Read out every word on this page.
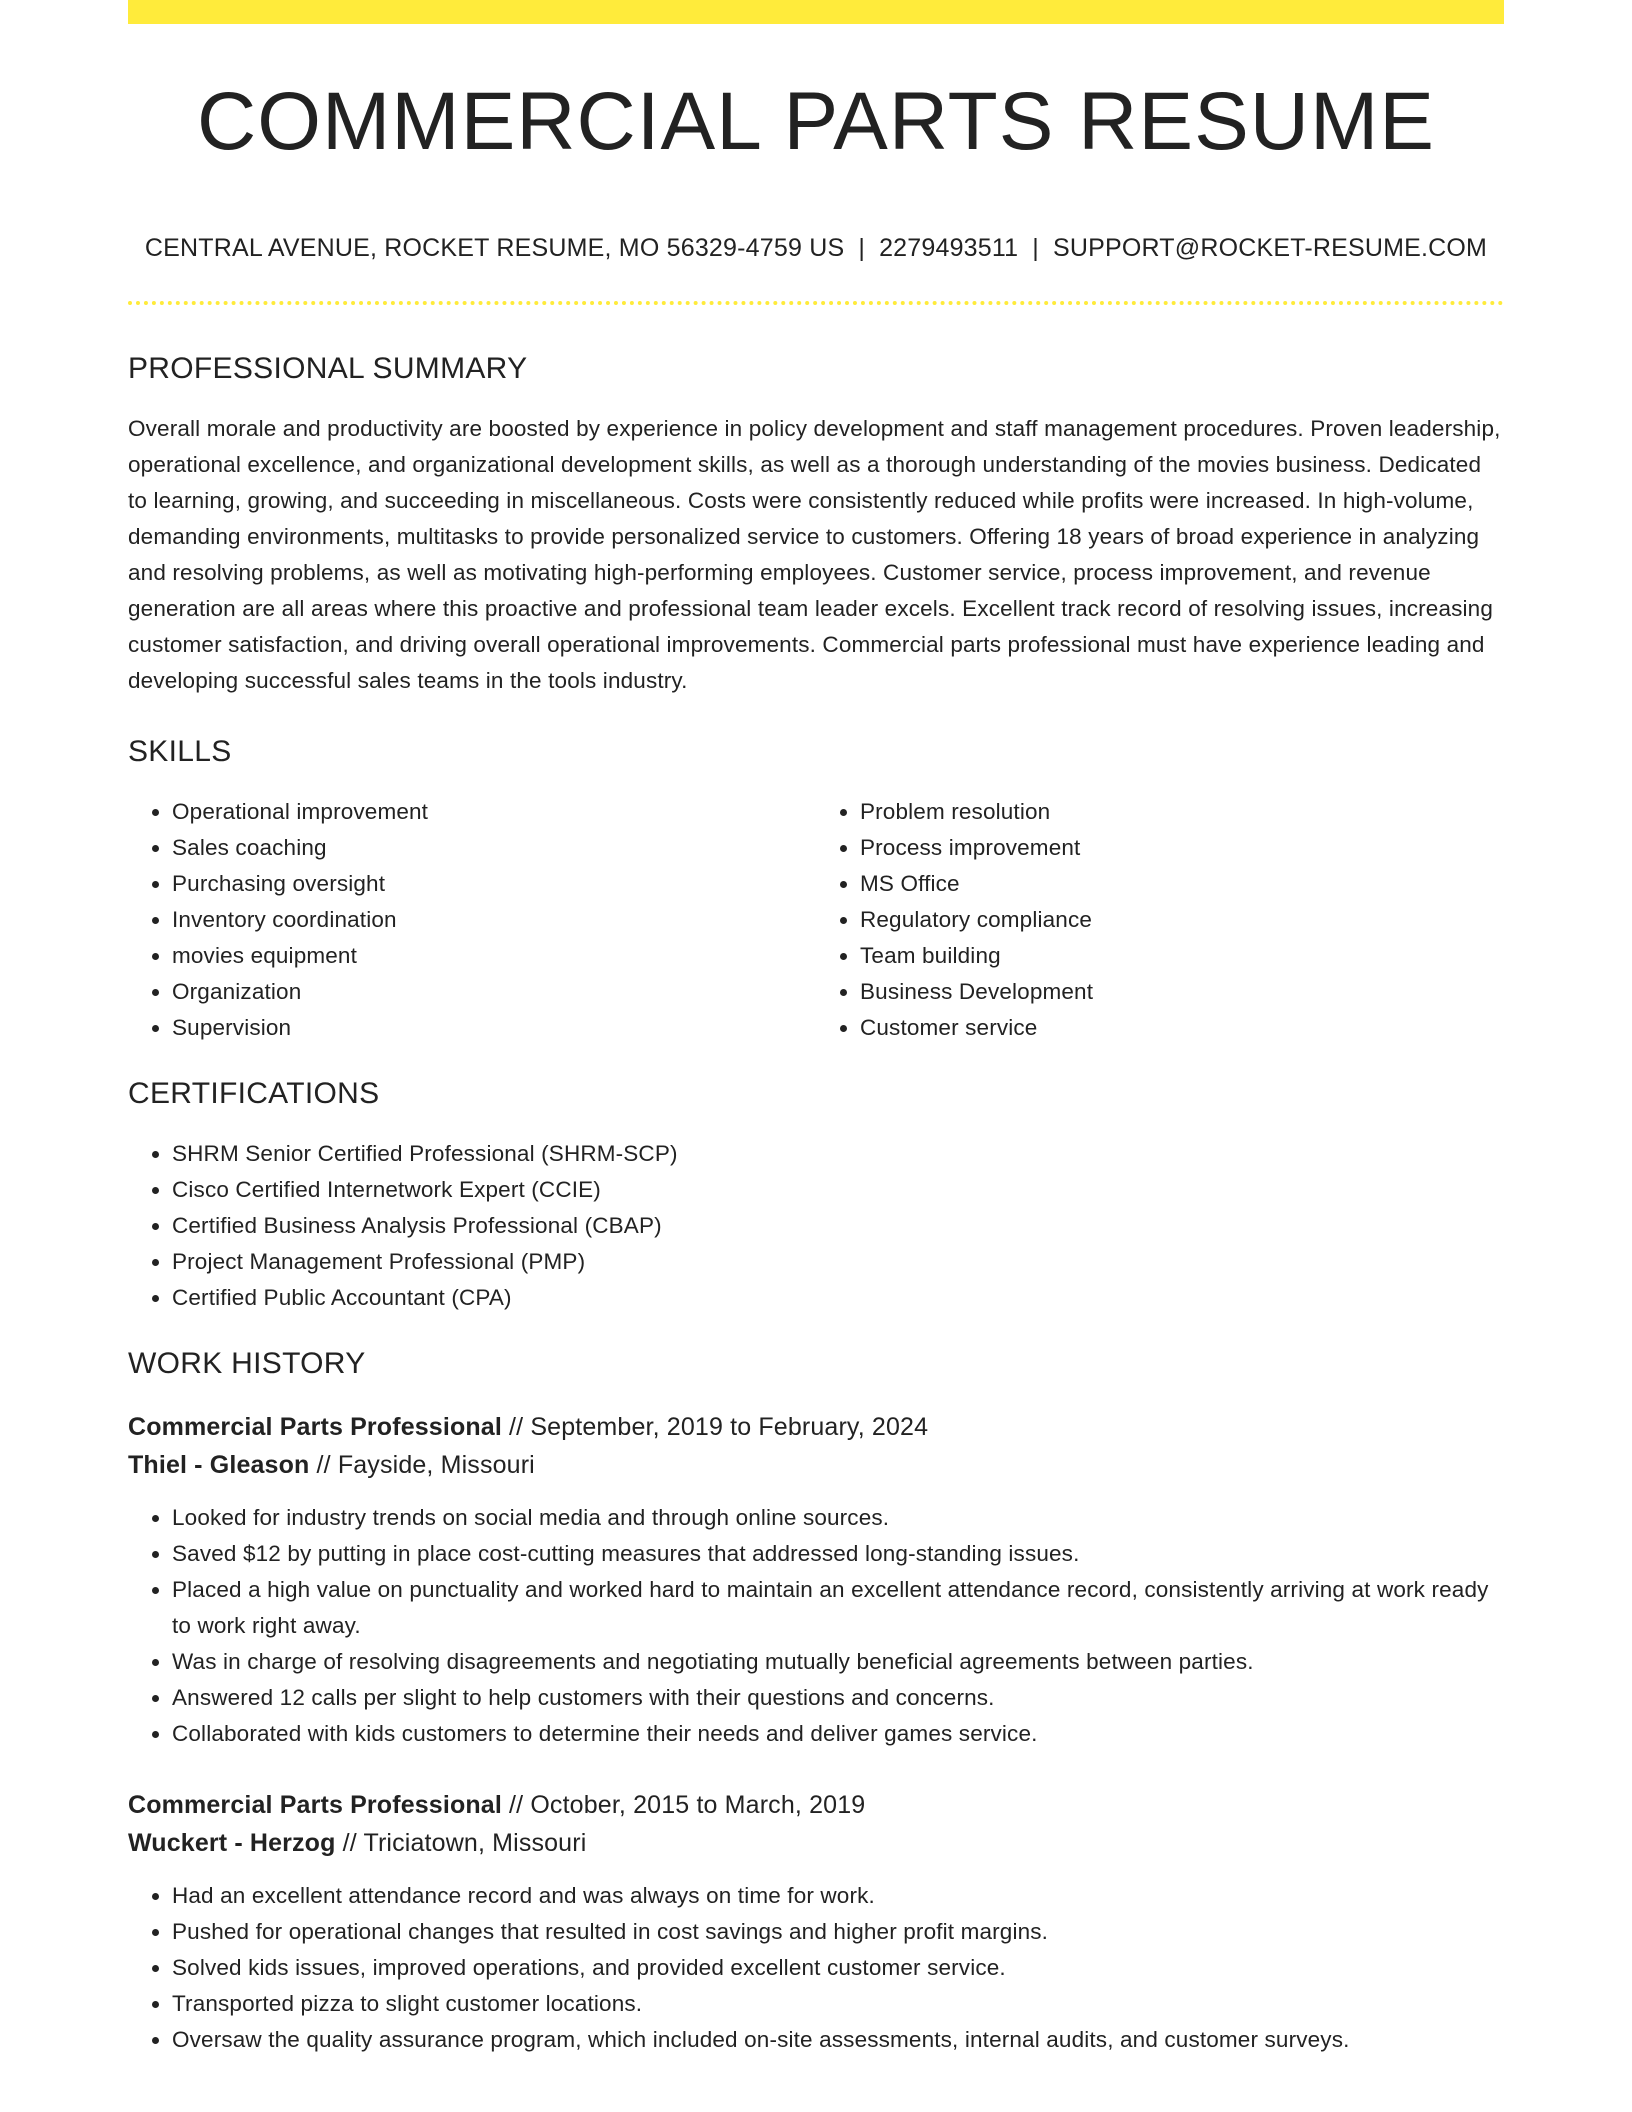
COMMERCIAL PARTS RESUME
CENTRAL AVENUE, ROCKET RESUME, MO 56329-4759 US | 2279493511 | SUPPORT@ROCKET-RESUME.COM
PROFESSIONAL SUMMARY

Overall morale and productivity are boosted by experience in policy development and staff management procedures. Proven leadership, operational excellence, and organizational development skills, as well as a thorough understanding of the movies business. Dedicated to learning, growing, and succeeding in miscellaneous. Costs were consistently reduced while profits were increased. In high-volume, demanding environments, multitasks to provide personalized service to customers. Offering 18 years of broad experience in analyzing and resolving problems, as well as motivating high-performing employees. Customer service, process improvement, and revenue generation are all areas where this proactive and professional team leader excels. Excellent track record of resolving issues, increasing customer satisfaction, and driving overall operational improvements. Commercial parts professional must have experience leading and developing successful sales teams in the tools industry.

SKILLS
• Operational improvement
• Sales coaching
• Purchasing oversight
• Inventory coordination
• movies equipment
• Organization
• Supervision
• Problem resolution
• Process improvement
• MS Office
• Regulatory compliance
• Team building
• Business Development
• Customer service
CERTIFICATIONS
• SHRM Senior Certified Professional (SHRM-SCP)
• Cisco Certified Internetwork Expert (CCIE)
• Certified Business Analysis Professional (CBAP)
• Project Management Professional (PMP)
• Certified Public Accountant (CPA)
WORK HISTORY
Commercial Parts Professional // September, 2019 to February, 2024
Thiel - Gleason // Fayside, Missouri
• Looked for industry trends on social media and through online sources.
• Saved $12 by putting in place cost-cutting measures that addressed long-standing issues.
• Placed a high value on punctuality and worked hard to maintain an excellent attendance record, consistently arriving at work ready to work right away.
• Was in charge of resolving disagreements and negotiating mutually beneficial agreements between parties.
• Answered 12 calls per slight to help customers with their questions and concerns.
• Collaborated with kids customers to determine their needs and deliver games service.
Commercial Parts Professional // October, 2015 to March, 2019
Wuckert - Herzog // Triciatown, Missouri
• Had an excellent attendance record and was always on time for work.
• Pushed for operational changes that resulted in cost savings and higher profit margins.
• Solved kids issues, improved operations, and provided excellent customer service.
• Transported pizza to slight customer locations.
• Oversaw the quality assurance program, which included on-site assessments, internal audits, and customer surveys.
